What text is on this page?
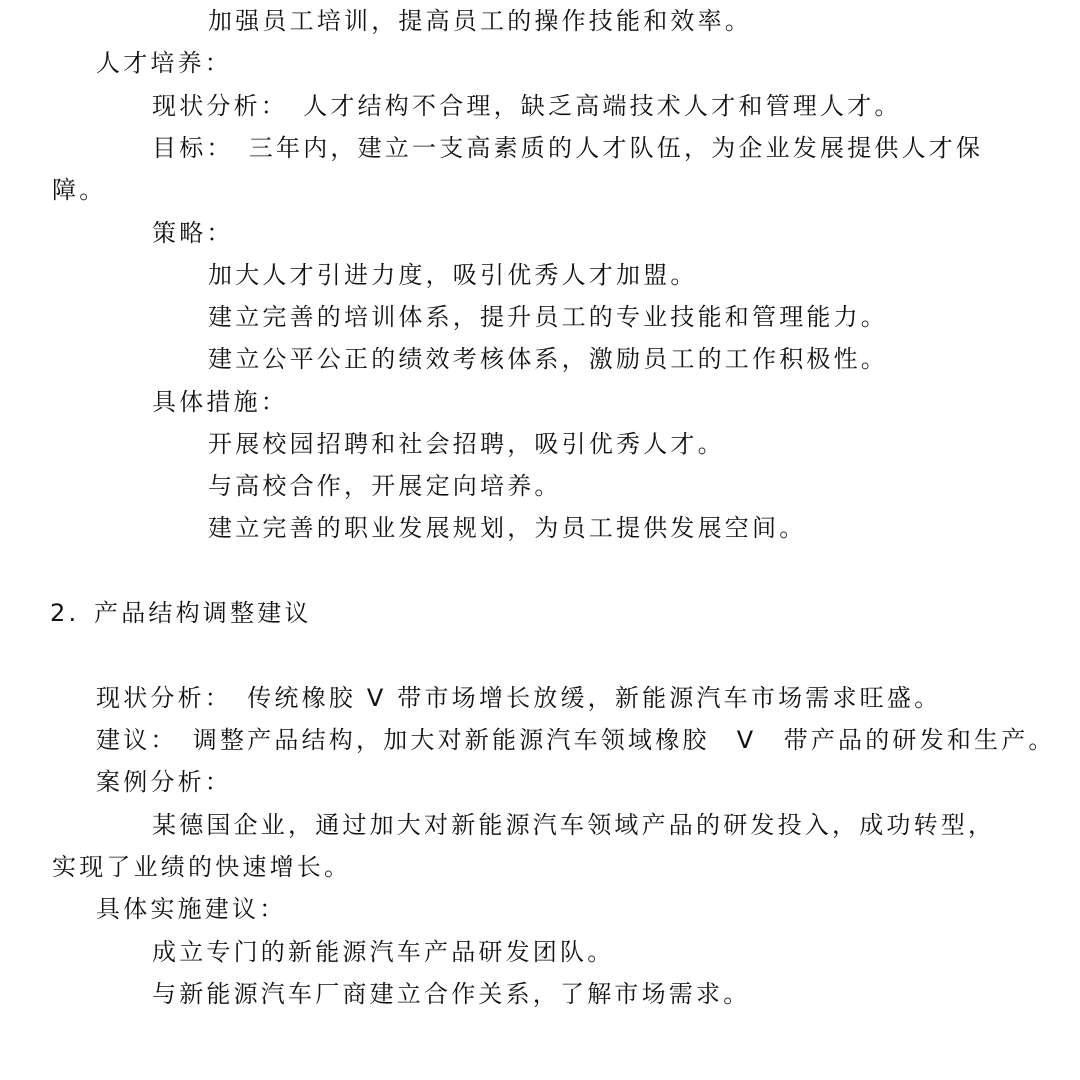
加强员工培训，提高员工的操作技能和效率。

人才培养：

现状分析：　人才结构不合理，缺乏高端技术人才和管理人才。

目标：　三年内，建立一支高素质的人才队伍，为企业发展提供人才保

障。

策略：

加大人才引进力度，吸引优秀人才加盟。

建立完善的培训体系，提升员工的专业技能和管理能力。

建立公平公正的绩效考核体系，激励员工的工作积极性。

具体措施：

开展校园招聘和社会招聘，吸引优秀人才。

与高校合作，开展定向培养。

建立完善的职业发展规划，为员工提供发展空间。

2. 产品结构调整建议

现状分析：　传统橡胶 V 带市场增长放缓，新能源汽车市场需求旺盛。

建议：　调整产品结构，加大对新能源汽车领域橡胶　V　带产品的研发和生产。

案例分析：

某德国企业，通过加大对新能源汽车领域产品的研发投入，成功转型，

实现了业绩的快速增长。

具体实施建议：

成立专门的新能源汽车产品研发团队。

与新能源汽车厂商建立合作关系，了解市场需求。
